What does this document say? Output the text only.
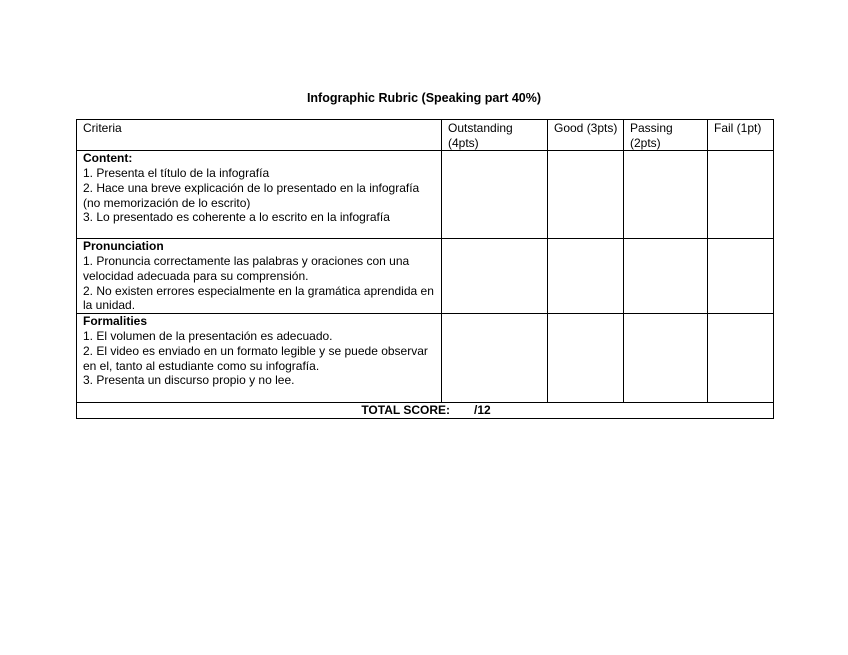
Infographic Rubric (Speaking part 40%)
Criteria	Outstanding (4pts)	Good (3pts)	Passing (2pts)	Fail (1pt)

Content:
1. Presenta el título de la infografía
2. Hace una breve explicación de lo presentado en la infografía (no memorización de lo escrito)
3. Lo presentado es coherente a lo escrito en la infografía				

Pronunciation
1. Pronuncia correctamente las palabras y oraciones con una velocidad adecuada para su comprensión.
2. No existen errores especialmente en la gramática aprendida en la unidad.				

Formalities
1. El volumen de la presentación es adecuado.
2. El video es enviado en un formato legible y se puede observar en el, tanto al estudiante como su infografía.
3. Presenta un discurso propio y no lee.				

TOTAL SCORE: /12				
